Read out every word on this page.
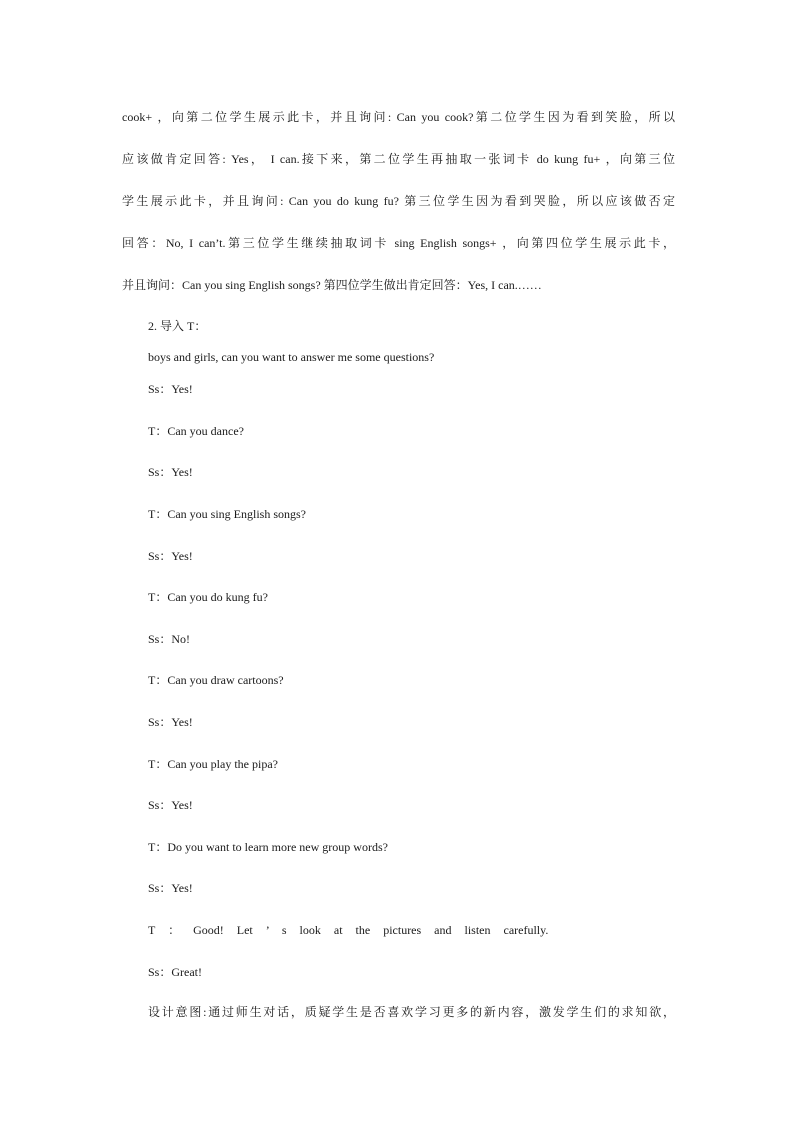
cook+ ，向第二位学生展示此卡，并且询问: Can you cook?第二位学生因为看到笑脸，所以
应该做肯定回答: Yes， I can.接下来，第二位学生再抽取一张词卡 do kung fu+ ，向第三位
学生展示此卡，并且询问: Can you do kung fu? 第三位学生因为看到哭脸，所以应该做否定
回答：No, I can’t.第三位学生继续抽取词卡 sing English songs+ ，向第四位学生展示此卡，
并且询问：Can you sing English songs? 第四位学生做出肯定回答：Yes, I can.……
2. 导入 T：
boys and girls, can you want to answer me some questions?
Ss：Yes!
T：Can you dance?
Ss：Yes!
T：Can you sing English songs?
Ss：Yes!
T：Can you do kung fu?
Ss：No!
T：Can you draw cartoons?
Ss：Yes!
T：Can you play the pipa?
Ss：Yes!
T：Do you want to learn more new group words?
Ss：Yes!
T ： Good! Let ’ s look at the pictures and listen carefully.
Ss：Great!
设计意图:通过师生对话，质疑学生是否喜欢学习更多的新内容，激发学生们的求知欲，
